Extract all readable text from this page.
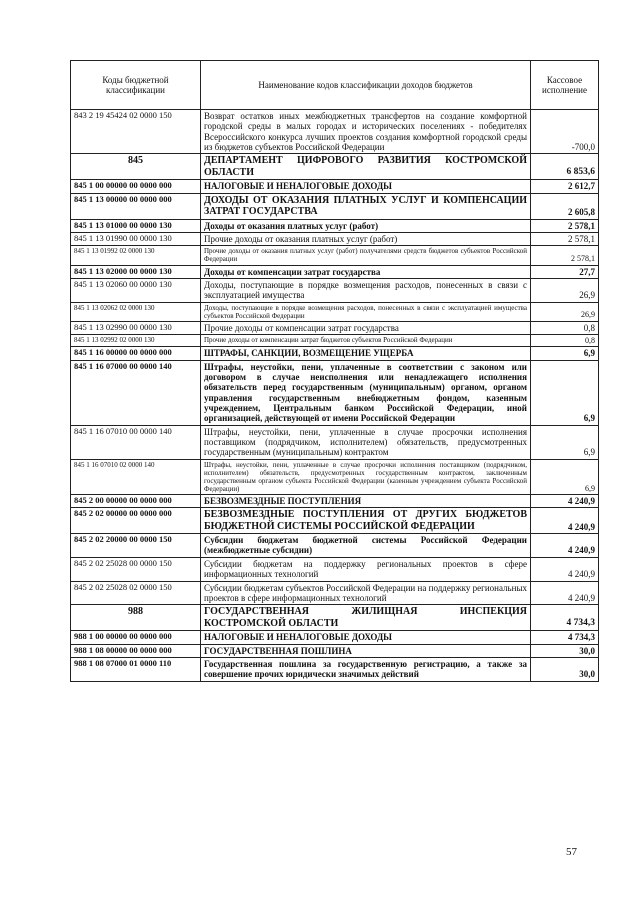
Коды бюджетной классификации	Наименование кодов классификации доходов бюджетов	Кассовое исполнение
843 2 19 45424 02 0000 150	Возврат остатков иных межбюджетных трансфертов на создание комфортной городской среды в малых городах и исторических поселениях - победителях Всероссийского конкурса лучших проектов создания комфортной городской среды из бюджетов субъектов Российской Федерации	-700,0
845	ДЕПАРТАМЕНТ ЦИФРОВОГО РАЗВИТИЯ КОСТРОМСКОЙ ОБЛАСТИ	6 853,6
845 1 00 00000 00 0000 000	НАЛОГОВЫЕ И НЕНАЛОГОВЫЕ ДОХОДЫ	2 612,7
845 1 13 00000 00 0000 000	ДОХОДЫ ОТ ОКАЗАНИЯ ПЛАТНЫХ УСЛУГ И КОМПЕНСАЦИИ ЗАТРАТ ГОСУДАРСТВА	2 605,8
845 1 13 01000 00 0000 130	Доходы от оказания платных услуг (работ)	2 578,1
845 1 13 01990 00 0000 130	Прочие доходы от оказания платных услуг (работ)	2 578,1
845 1 13 01992 02 0000 130	Прочие доходы от оказания платных услуг (работ) получателями средств бюджетов субъектов Российской Федерации	2 578,1
845 1 13 02000 00 0000 130	Доходы от компенсации затрат государства	27,7
845 1 13 02060 00 0000 130	Доходы, поступающие в порядке возмещения расходов, понесенных в связи с эксплуатацией имущества	26,9
845 1 13 02062 02 0000 130	Доходы, поступающие в порядке возмещения расходов, понесенных в связи с эксплуатацией имущества субъектов Российской Федерации	26,9
845 1 13 02990 00 0000 130	Прочие доходы от компенсации затрат государства	0,8
845 1 13 02992 02 0000 130	Прочие доходы от компенсации затрат бюджетов субъектов Российской Федерации	0,8
845 1 16 00000 00 0000 000	ШТРАФЫ, САНКЦИИ, ВОЗМЕЩЕНИЕ УЩЕРБА	6,9
845 1 16 07000 00 0000 140	Штрафы, неустойки, пени, уплаченные в соответствии с законом или договором в случае неисполнения или ненадлежащего исполнения обязательств перед государственным (муниципальным) органом, органом управления государственным внебюджетным фондом, казенным учреждением, Центральным банком Российской Федерации, иной организацией, действующей от имени Российской Федерации	6,9
845 1 16 07010 00 0000 140	Штрафы, неустойки, пени, уплаченные в случае просрочки исполнения поставщиком (подрядчиком, исполнителем) обязательств, предусмотренных государственным (муниципальным) контрактом	6,9
845 1 16 07010 02 0000 140	Штрафы, неустойки, пени, уплаченные в случае просрочки исполнения поставщиком (подрядчиком, исполнителем) обязательств, предусмотренных государственным контрактом, заключенным государственным органом субъекта Российской Федерации (казенным учреждением субъекта Российской Федерации)	6,9
845 2 00 00000 00 0000 000	БЕЗВОЗМЕЗДНЫЕ ПОСТУПЛЕНИЯ	4 240,9
845 2 02 00000 00 0000 000	БЕЗВОЗМЕЗДНЫЕ ПОСТУПЛЕНИЯ ОТ ДРУГИХ БЮДЖЕТОВ БЮДЖЕТНОЙ СИСТЕМЫ РОССИЙСКОЙ ФЕДЕРАЦИИ	4 240,9
845 2 02 20000 00 0000 150	Субсидии бюджетам бюджетной системы Российской Федерации (межбюджетные субсидии)	4 240,9
845 2 02 25028 00 0000 150	Субсидии бюджетам на поддержку региональных проектов в сфере информационных технологий	4 240,9
845 2 02 25028 02 0000 150	Субсидии бюджетам субъектов Российской Федерации на поддержку региональных проектов в сфере информационных технологий	4 240,9
988	ГОСУДАРСТВЕННАЯ ЖИЛИЩНАЯ ИНСПЕКЦИЯ КОСТРОМСКОЙ ОБЛАСТИ	4 734,3
988 1 00 00000 00 0000 000	НАЛОГОВЫЕ И НЕНАЛОГОВЫЕ ДОХОДЫ	4 734,3
988 1 08 00000 00 0000 000	ГОСУДАРСТВЕННАЯ ПОШЛИНА	30,0
988 1 08 07000 01 0000 110	Государственная пошлина за государственную регистрацию, а также за совершение прочих юридически значимых действий	30,0
57
